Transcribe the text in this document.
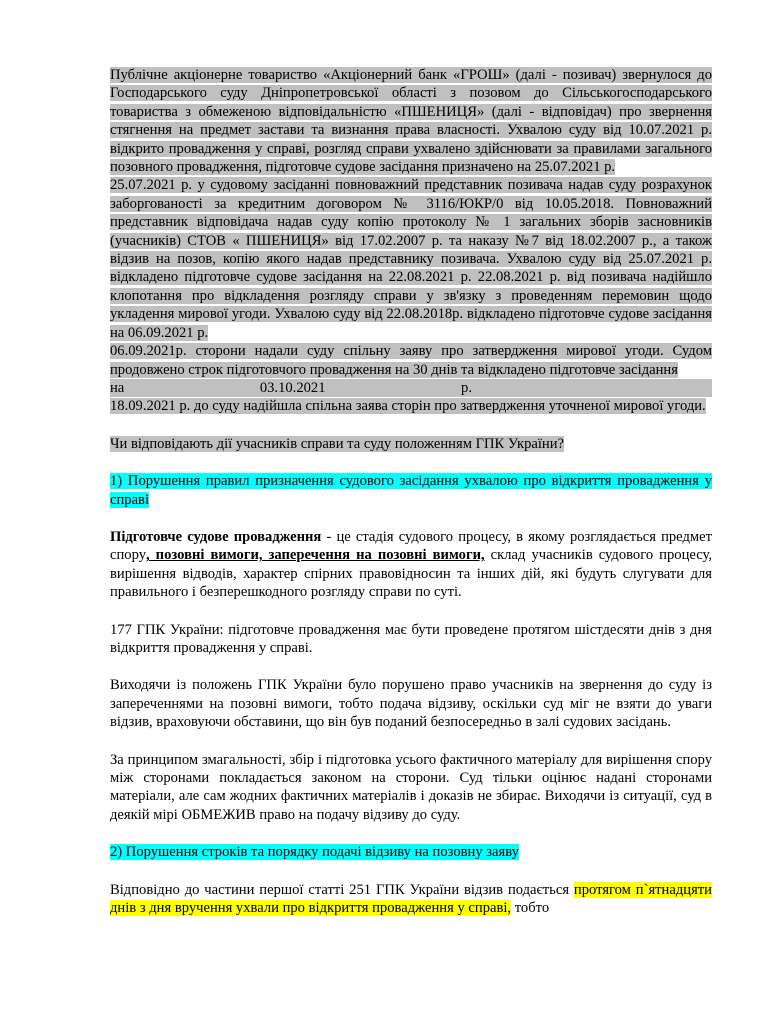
Публічне акціонерне товариство «Акціонерний банк «ГРОШ» (далі - позивач) звернулося до Господарського суду Дніпропетровської області з позовом до Сільськогосподарського товариства з обмеженою відповідальністю «ПШЕНИЦЯ» (далі - відповідач) про звернення стягнення на предмет застави та визнання права власності. Ухвалою суду від 10.07.2021 р. відкрито провадження у справі, розгляд справи ухвалено здійснювати за правилами загального позовного провадження, підготовче судове засідання призначено на 25.07.2021 р.

25.07.2021 р. у судовому засіданні повноважний представник позивача надав суду розрахунок заборгованості за кредитним договором № 3116/ЮКР/0 від 10.05.2018. Повноважний представник відповідача надав суду копію протоколу № 1 загальних зборів засновників (учасників) СТОВ « ПШЕНИЦЯ» від 17.02.2007 р. та наказу №7 від 18.02.2007 р., а також відзив на позов, копію якого надав представнику позивача. Ухвалою суду від 25.07.2021 р. відкладено підготовче судове засідання на 22.08.2021 р. 22.08.2021 р. від позивача надійшло клопотання про відкладення розгляду справи у зв'язку з проведенням перемовин щодо укладення мирової угоди. Ухвалою суду від 22.08.2018р. відкладено підготовче судове засідання на 06.09.2021 р.

06.09.2021р. сторони надали суду спільну заяву про затвердження мирової угоди. Судом продовжено строк підготовчого провадження на 30 днів та відкладено підготовче засідання

на	03.10.2021	р.

18.09.2021 р. до суду надійшла спільна заява сторін про затвердження уточненої мирової угоди.

Чи відповідають дії учасників справи та суду положенням ГПК України?

1) Порушення правил призначення судового засідання ухвалою про відкриття провадження у справі

Підготовче судове провадження - це стадія судового процесу, в якому розглядається предмет спору, позовні вимоги, заперечення на позовні вимоги, склад учасників судового процесу, вирішення відводів, характер спірних правовідносин та інших дій, які будуть слугувати для правильного і безперешкодного розгляду справи по суті.

177 ГПК України: підготовче провадження має бути проведене протягом шістдесяти днів з дня відкриття провадження у справі.

Виходячи із положень ГПК України було порушено право учасників на звернення до суду із запереченнями на позовні вимоги, тобто подача відзиву, оскільки суд міг не взяти до уваги відзив, враховуючи обставини, що він був поданий безпосередньо в залі судових засідань.

За принципом змагальності, збір і підготовка усього фактичного матеріалу для вирішення спору між сторонами покладається законом на сторони. Суд тільки оцінює надані сторонами матеріали, але сам жодних фактичних матеріалів і доказів не збирає. Виходячи із ситуації, суд в деякій мірі ОБМЕЖИВ право на подачу відзиву до суду.

2) Порушення строків та порядку подачі відзиву на позовну заяву

Відповідно до частини першої статті 251 ГПК України відзив подається протягом п`ятнадцяти днів з дня вручення ухвали про відкриття провадження у справі, тобто
